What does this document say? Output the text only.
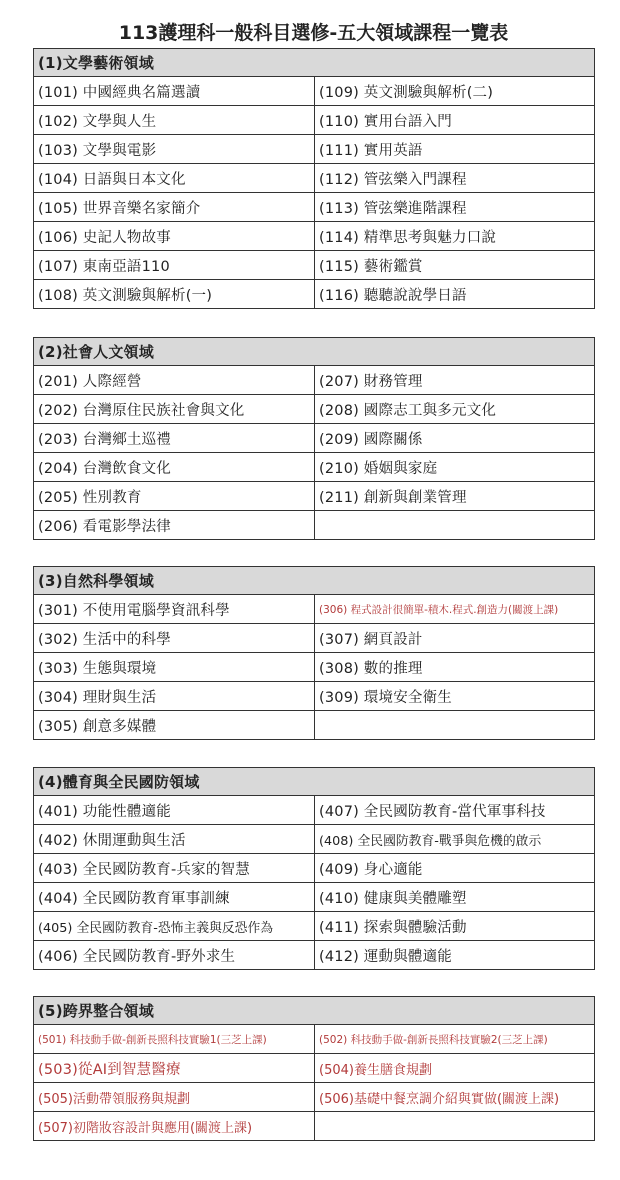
113護理科一般科目選修-五大領域課程一覽表
(1)文學藝術領域	
(101) 中國經典名篇選讀	(109) 英文測驗與解析(二)
(102) 文學與人生	(110) 實用台語入門
(103) 文學與電影	(111) 實用英語
(104) 日語與日本文化	(112) 管弦樂入門課程
(105) 世界音樂名家簡介	(113) 管弦樂進階課程
(106) 史記人物故事	(114) 精準思考與魅力口說
(107) 東南亞語110	(115) 藝術鑑賞
(108) 英文測驗與解析(一)	(116) 聽聽說說學日語
(2)社會人文領域	
(201) 人際經營	(207) 財務管理
(202) 台灣原住民族社會與文化	(208) 國際志工與多元文化
(203) 台灣鄉土巡禮	(209) 國際關係
(204) 台灣飲食文化	(210) 婚姻與家庭
(205) 性別教育	(211) 創新與創業管理
(206) 看電影學法律	
(3)自然科學領域	
(301) 不使用電腦學資訊科學	(306) 程式設計很簡單-積木.程式.創造力(關渡上課)
(302) 生活中的科學	(307) 網頁設計
(303) 生態與環境	(308) 數的推理
(304) 理財與生活	(309) 環境安全衛生
(305) 創意多媒體	
(4)體育與全民國防領域	
(401) 功能性體適能	(407) 全民國防教育-當代軍事科技
(402) 休閒運動與生活	(408) 全民國防教育-戰爭與危機的啟示
(403) 全民國防教育-兵家的智慧	(409) 身心適能
(404) 全民國防教育軍事訓練	(410) 健康與美體雕塑
(405) 全民國防教育-恐怖主義與反恐作為	(411) 探索與體驗活動
(406) 全民國防教育-野外求生	(412) 運動與體適能
(5)跨界整合領域	
(501) 科技動手做-創新長照科技實驗1(三芝上課)	(502) 科技動手做-創新長照科技實驗2(三芝上課)
(503)從AI到智慧醫療	(504)養生膳食規劃
(505)活動帶領服務與規劃	(506)基礎中餐烹調介紹與實做(關渡上課)
(507)初階妝容設計與應用(關渡上課)	
